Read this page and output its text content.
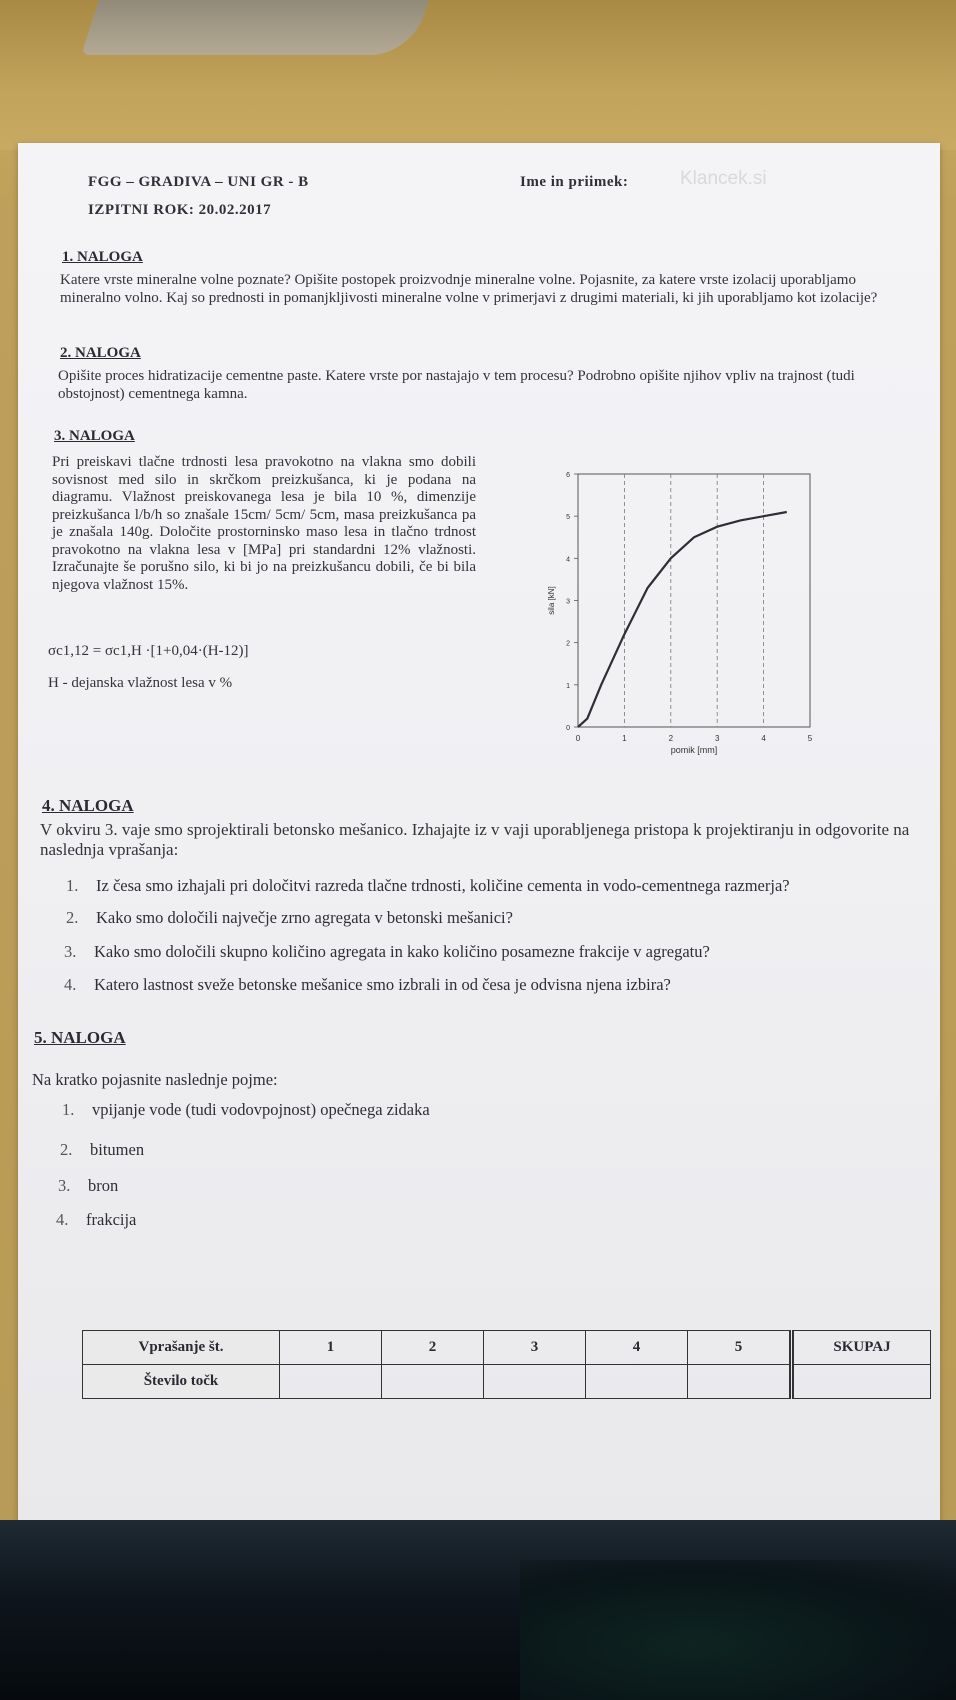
FGG – GRADIVA – UNI GR - B
IZPITNI ROK: 20.02.2017
Ime in priimek:	Klancek.si
1. NALOGA
Katere vrste mineralne volne poznate? Opišite postopek proizvodnje mineralne volne. Pojasnite, za katere vrste izolacij uporabljamo mineralno volno. Kaj so prednosti in pomanjkljivosti mineralne volne v primerjavi z drugimi materiali, ki jih uporabljamo kot izolacije?
2. NALOGA
Opišite proces hidratizacije cementne paste. Katere vrste por nastajajo v tem procesu? Podrobno opišite njihov vpliv na trajnost (tudi obstojnost) cementnega kamna.
3. NALOGA
Pri preiskavi tlačne trdnosti lesa pravokotno na vlakna smo dobili sovisnost med silo in skrčkom preizkušanca, ki je podana na diagramu. Vlažnost preiskovanega lesa je bila 10 %, dimenzije preizkušanca l/b/h so znašale 15cm/ 5cm/ 5cm, masa preizkušanca pa je znašala 140g. Določite prostorninsko maso lesa in tlačno trdnost pravokotno na vlakna lesa v [MPa] pri standardni 12% vlažnosti. Izračunajte še porušno silo, ki bi jo na preizkušancu dobili, če bi bila njegova vlažnost 15%.
σc1,12 = σc1,H ·[1+0,04·(H-12)]
H - dejanska vlažnost lesa v %
0	1	2	3	4	5
0
1
2
3
4
5
6
pomik [mm]
sila [kN]
4. NALOGA
V okviru 3. vaje smo sprojektirali betonsko mešanico. Izhajajte iz v vaji uporabljenega pristopa k projektiranju in odgovorite na naslednja vprašanja:
1. Iz česa smo izhajali pri določitvi razreda tlačne trdnosti, količine cementa in vodo-cementnega razmerja?
2. Kako smo določili največje zrno agregata v betonski mešanici?
3. Kako smo določili skupno količino agregata in kako količino posamezne frakcije v agregatu?
4. Katero lastnost sveže betonske mešanice smo izbrali in od česa je odvisna njena izbira?
5. NALOGA
Na kratko pojasnite naslednje pojme:
1. vpijanje vode (tudi vodovpojnost) opečnega zidaka
2. bitumen
3. bron
4. frakcija
Vprašanje št.	1	2	3	4	5	SKUPAJ
Število točk						
